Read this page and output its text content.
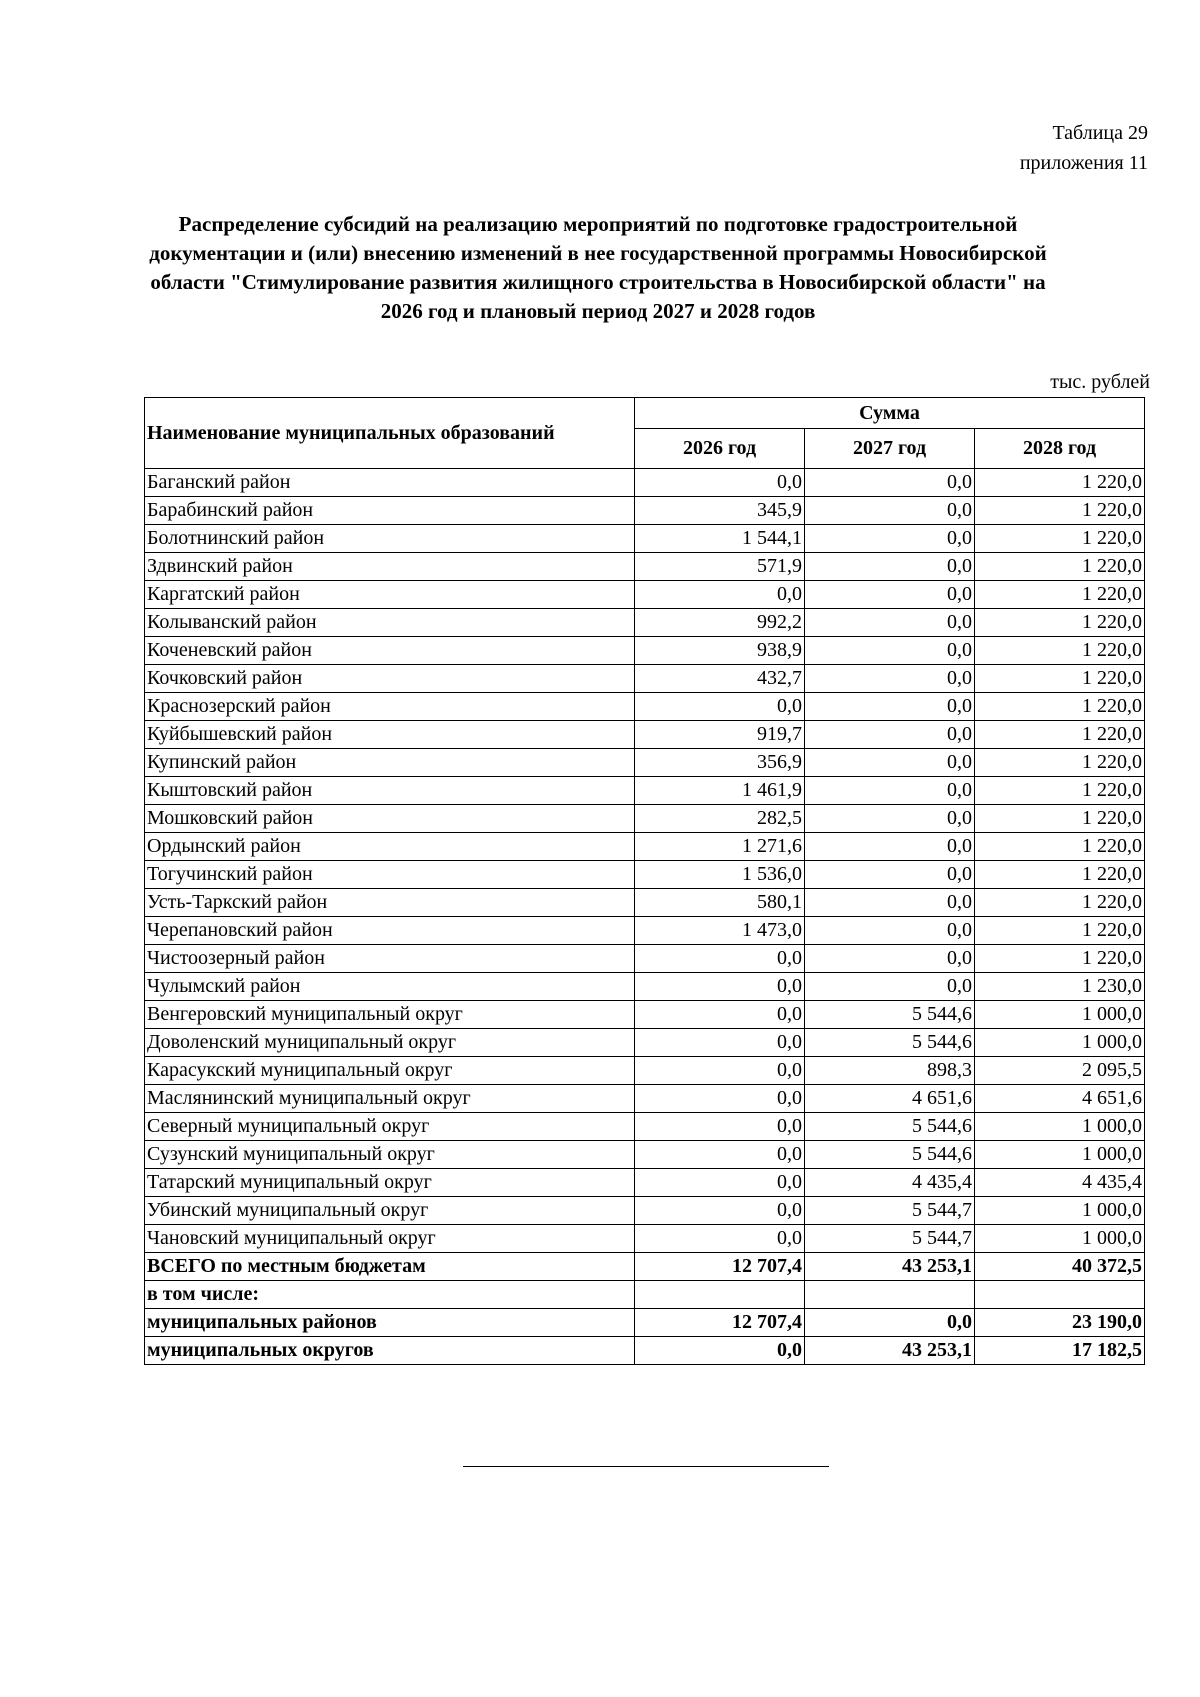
Таблица 29
приложения 11
Распределение субсидий на реализацию мероприятий по подготовке градостроительной документации и (или) внесению изменений в нее государственной программы Новосибирской области "Стимулирование развития жилищного строительства в Новосибирской области" на 2026 год и плановый период 2027 и 2028 годов
тыс. рублей
Наименование муниципальных образований	Сумма		
	2026 год	2027 год	2028 год
Баганский район	0,0	0,0	1 220,0
Барабинский район	345,9	0,0	1 220,0
Болотнинский район	1 544,1	0,0	1 220,0
Здвинский район	571,9	0,0	1 220,0
Каргатский район	0,0	0,0	1 220,0
Колыванский район	992,2	0,0	1 220,0
Коченевский район	938,9	0,0	1 220,0
Кочковский район	432,7	0,0	1 220,0
Краснозерский район	0,0	0,0	1 220,0
Куйбышевский район	919,7	0,0	1 220,0
Купинский район	356,9	0,0	1 220,0
Кыштовский район	1 461,9	0,0	1 220,0
Мошковский район	282,5	0,0	1 220,0
Ордынский район	1 271,6	0,0	1 220,0
Тогучинский район	1 536,0	0,0	1 220,0
Усть-Таркский район	580,1	0,0	1 220,0
Черепановский район	1 473,0	0,0	1 220,0
Чистоозерный район	0,0	0,0	1 220,0
Чулымский район	0,0	0,0	1 230,0
Венгеровский муниципальный округ	0,0	5 544,6	1 000,0
Доволенский муниципальный округ	0,0	5 544,6	1 000,0
Карасукский муниципальный округ	0,0	898,3	2 095,5
Маслянинский муниципальный округ	0,0	4 651,6	4 651,6
Северный муниципальный округ	0,0	5 544,6	1 000,0
Сузунский муниципальный округ	0,0	5 544,6	1 000,0
Татарский муниципальный округ	0,0	4 435,4	4 435,4
Убинский муниципальный округ	0,0	5 544,7	1 000,0
Чановский муниципальный округ	0,0	5 544,7	1 000,0
ВСЕГО по местным бюджетам	12 707,4	43 253,1	40 372,5
в том числе:			
муниципальных районов	12 707,4	0,0	23 190,0
муниципальных округов	0,0	43 253,1	17 182,5
